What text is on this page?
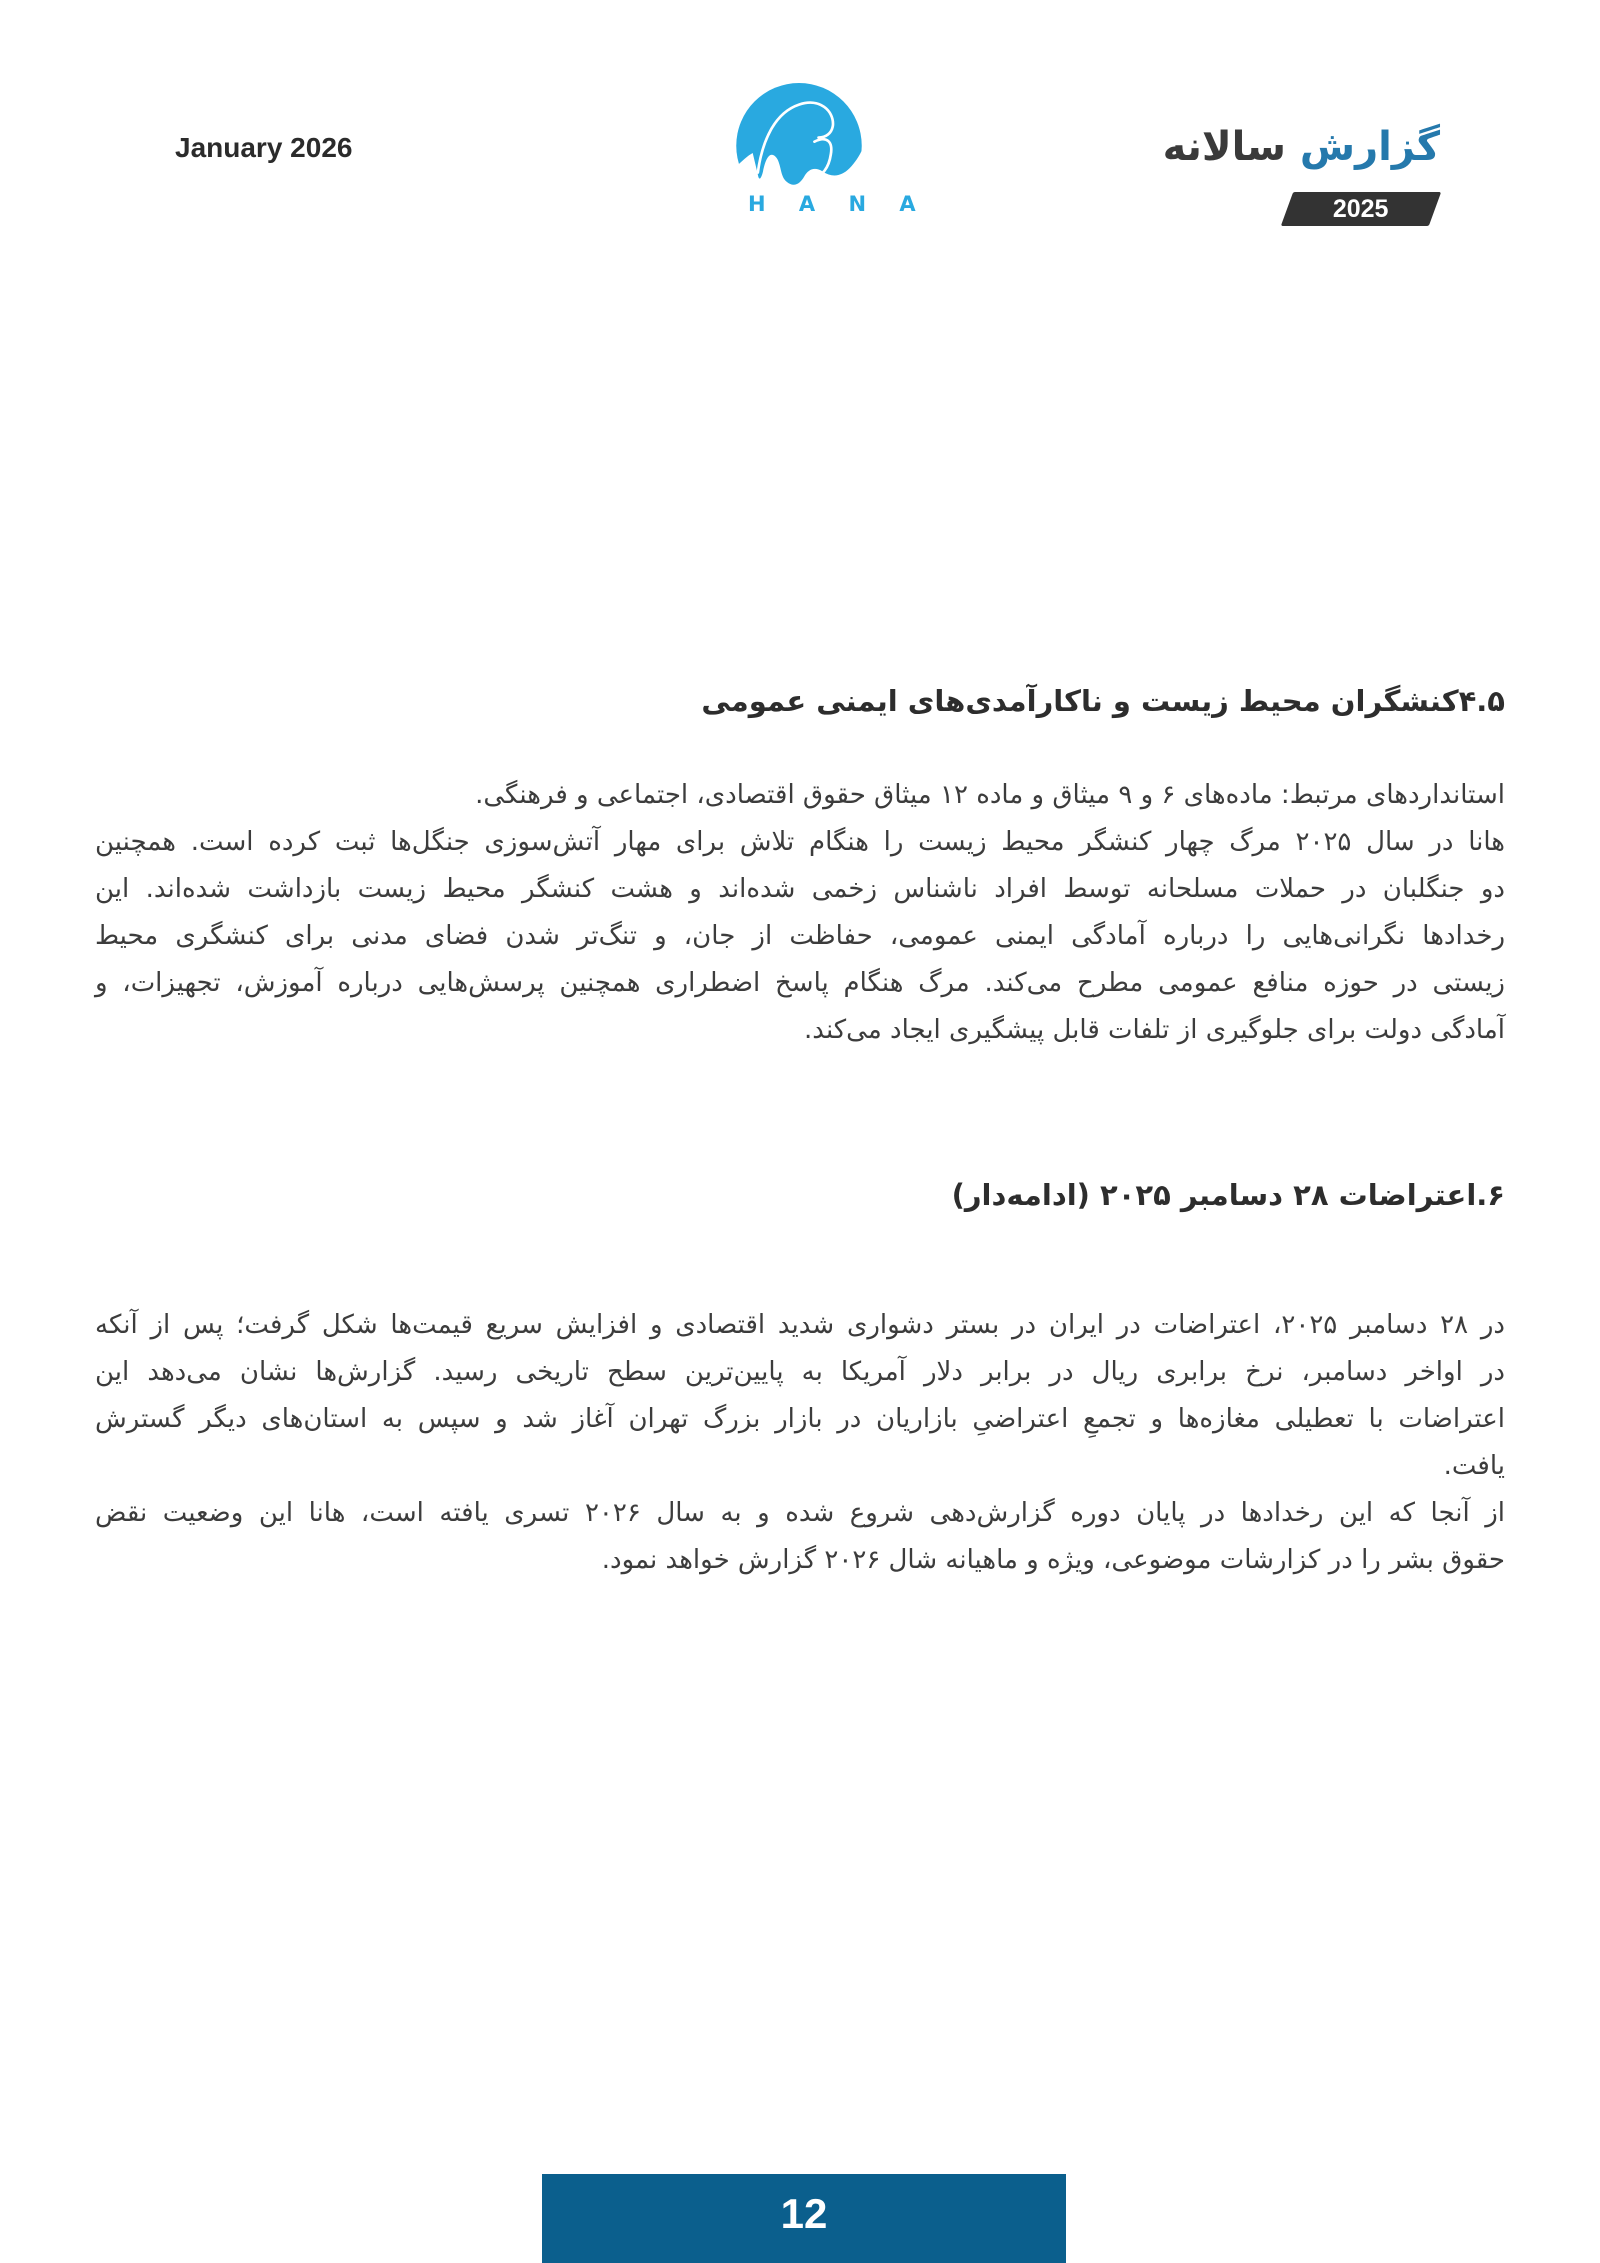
January 2026
H A N A
گزارش سالانه
2025
۴.۵کنشگران محیط زیست و ناکارآمدی‌های ایمنی عمومی
استانداردهای مرتبط: ماده‌های ۶ و ۹ میثاق و ماده ۱۲ میثاق حقوق اقتصادی، اجتماعی و فرهنگی.
هانا در سال ۲۰۲۵ مرگ چهار کنشگر محیط زیست را هنگام تلاش برای مهار آتش‌سوزی جنگل‌ها ثبت کرده است. همچنین
دو جنگلبان در حملات مسلحانه توسط افراد ناشناس زخمی شده‌اند و هشت کنشگر محیط زیست بازداشت شده‌اند. این
رخدادها نگرانی‌هایی را درباره آمادگی ایمنی عمومی، حفاظت از جان، و تنگ‌تر شدن فضای مدنی برای کنشگری محیط
زیستی در حوزه منافع عمومی مطرح می‌کند. مرگ هنگام پاسخ اضطراری همچنین پرسش‌هایی درباره آموزش، تجهیزات، و
آمادگی دولت برای جلوگیری از تلفات قابل پیشگیری ایجاد می‌کند.
۶.اعتراضات ۲۸ دسامبر ۲۰۲۵ (ادامه‌دار)
در ۲۸ دسامبر ۲۰۲۵، اعتراضات در ایران در بستر دشواری شدید اقتصادی و افزایش سریع قیمت‌ها شکل گرفت؛ پس از آنکه
در اواخر دسامبر، نرخ برابری ریال در برابر دلار آمریکا به پایین‌ترین سطح تاریخی رسید. گزارش‌ها نشان می‌دهد این
اعتراضات با تعطیلی مغازه‌ها و تجمعِ اعتراضیِ بازاریان در بازار بزرگ تهران آغاز شد و سپس به استان‌های دیگر گسترش
یافت.
از آنجا که این رخدادها در پایان دوره گزارش‌دهی شروع شده و به سال ۲۰۲۶ تسری یافته است، هانا این وضعیت نقض
حقوق بشر را در کزارشات موضوعی، ویژه و ماهیانه شال ۲۰۲۶ گزارش خواهد نمود.
12
